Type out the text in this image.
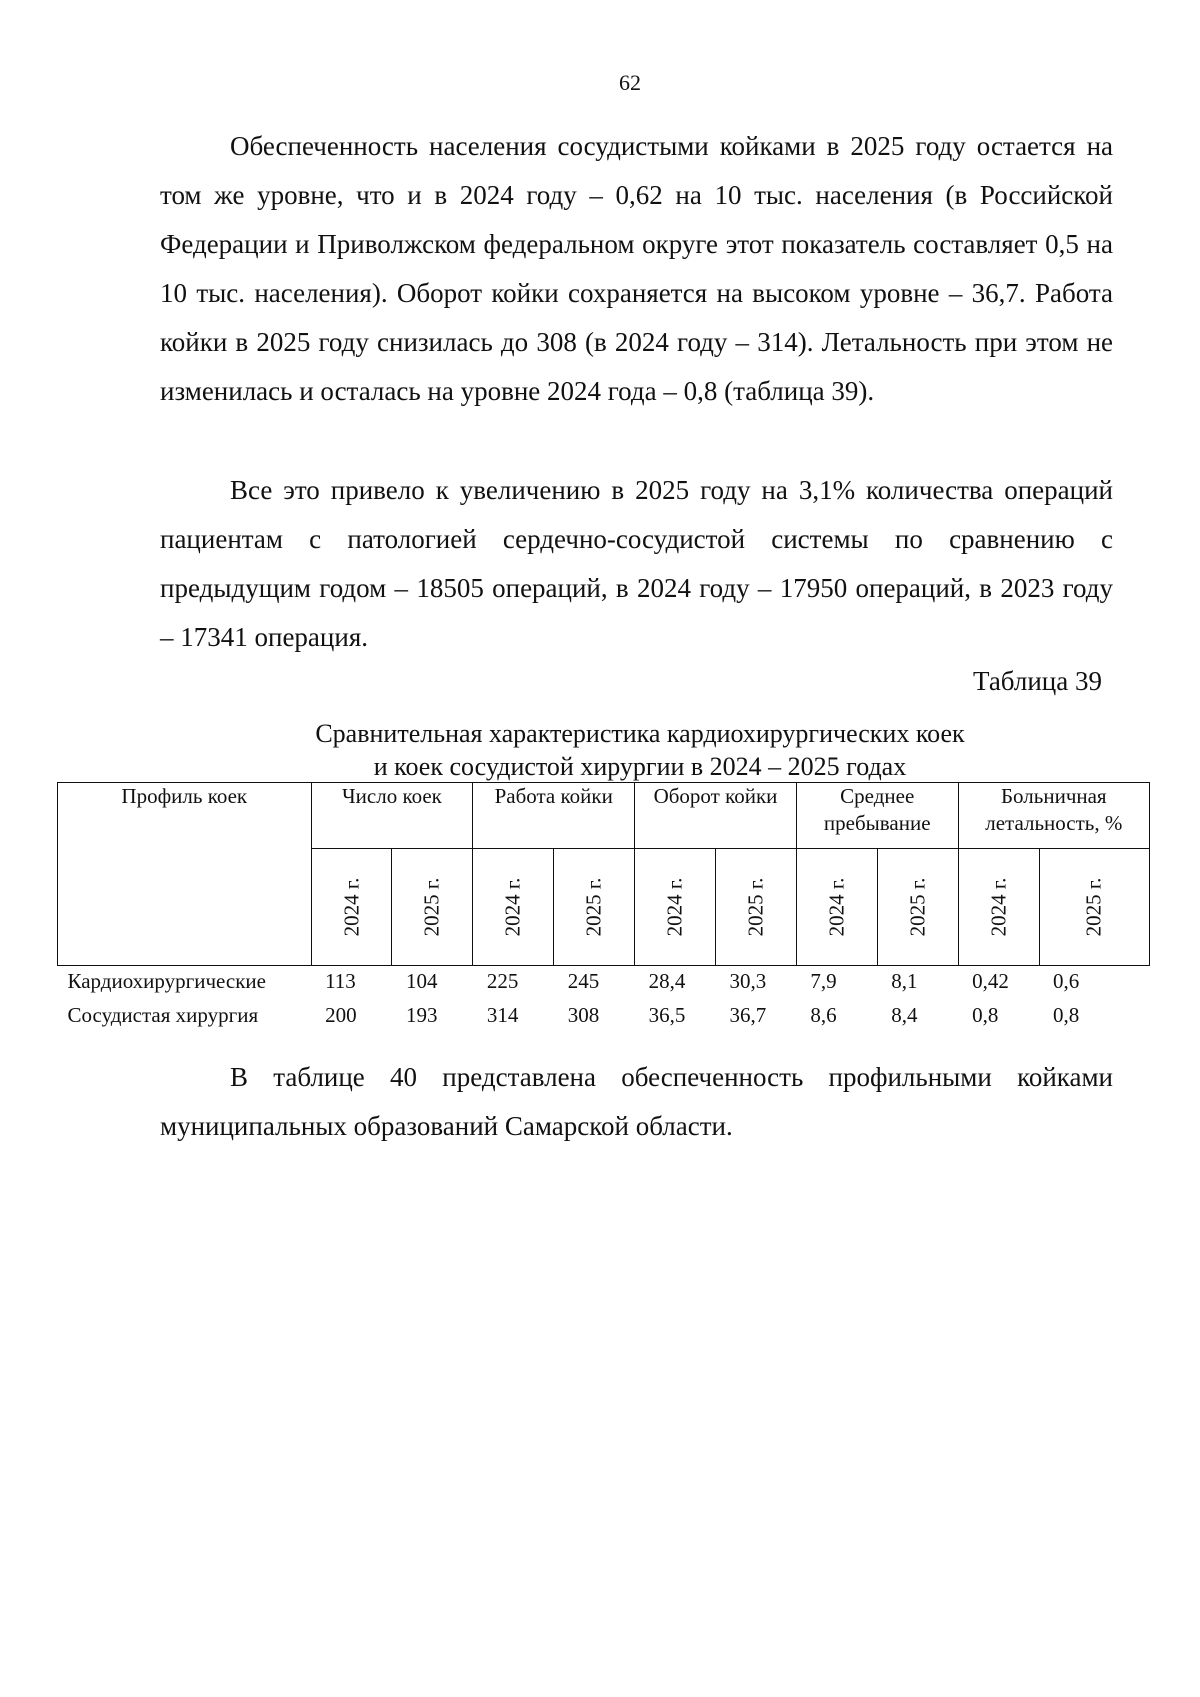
62

Обеспеченность населения сосудистыми койками в 2025 году остается на том же уровне, что и в 2024 году – 0,62 на 10 тыс. населения (в Российской Федерации и Приволжском федеральном округе этот показатель составляет 0,5 на 10 тыс. населения). Оборот койки сохраняется на высоком уровне – 36,7. Работа койки в 2025 году снизилась до 308 (в 2024 году – 314). Летальность при этом не изменилась и осталась на уровне 2024 года – 0,8 (таблица 39).

Все это привело к увеличению в 2025 году на 3,1% количества операций пациентам с патологией сердечно-сосудистой системы по сравнению с предыдущим годом – 18505 операций, в 2024 году – 17950 операций, в 2023 году – 17341 операция.

Таблица 39
Сравнительная характеристика кардиохирургических коек
и коек сосудистой хирургии в 2024 – 2025 годах
Профиль коек	Число коек		Работа койки		Оборот койки		Среднее пребывание		Больничная летальность, %	

	2024 г.	2025 г.	2024 г.	2025 г.	2024 г.	2025 г.	2024 г.	2025 г.	2024 г.	2025 г.

Кардиохирургические	113	104	225	245	28,4	30,3	7,9	8,1	0,42	0,6
Сосудистая хирургия	200	193	314	308	36,5	36,7	8,6	8,4	0,8	0,8

В таблице 40 представлена обеспеченность профильными койками муниципальных образований Самарской области.
